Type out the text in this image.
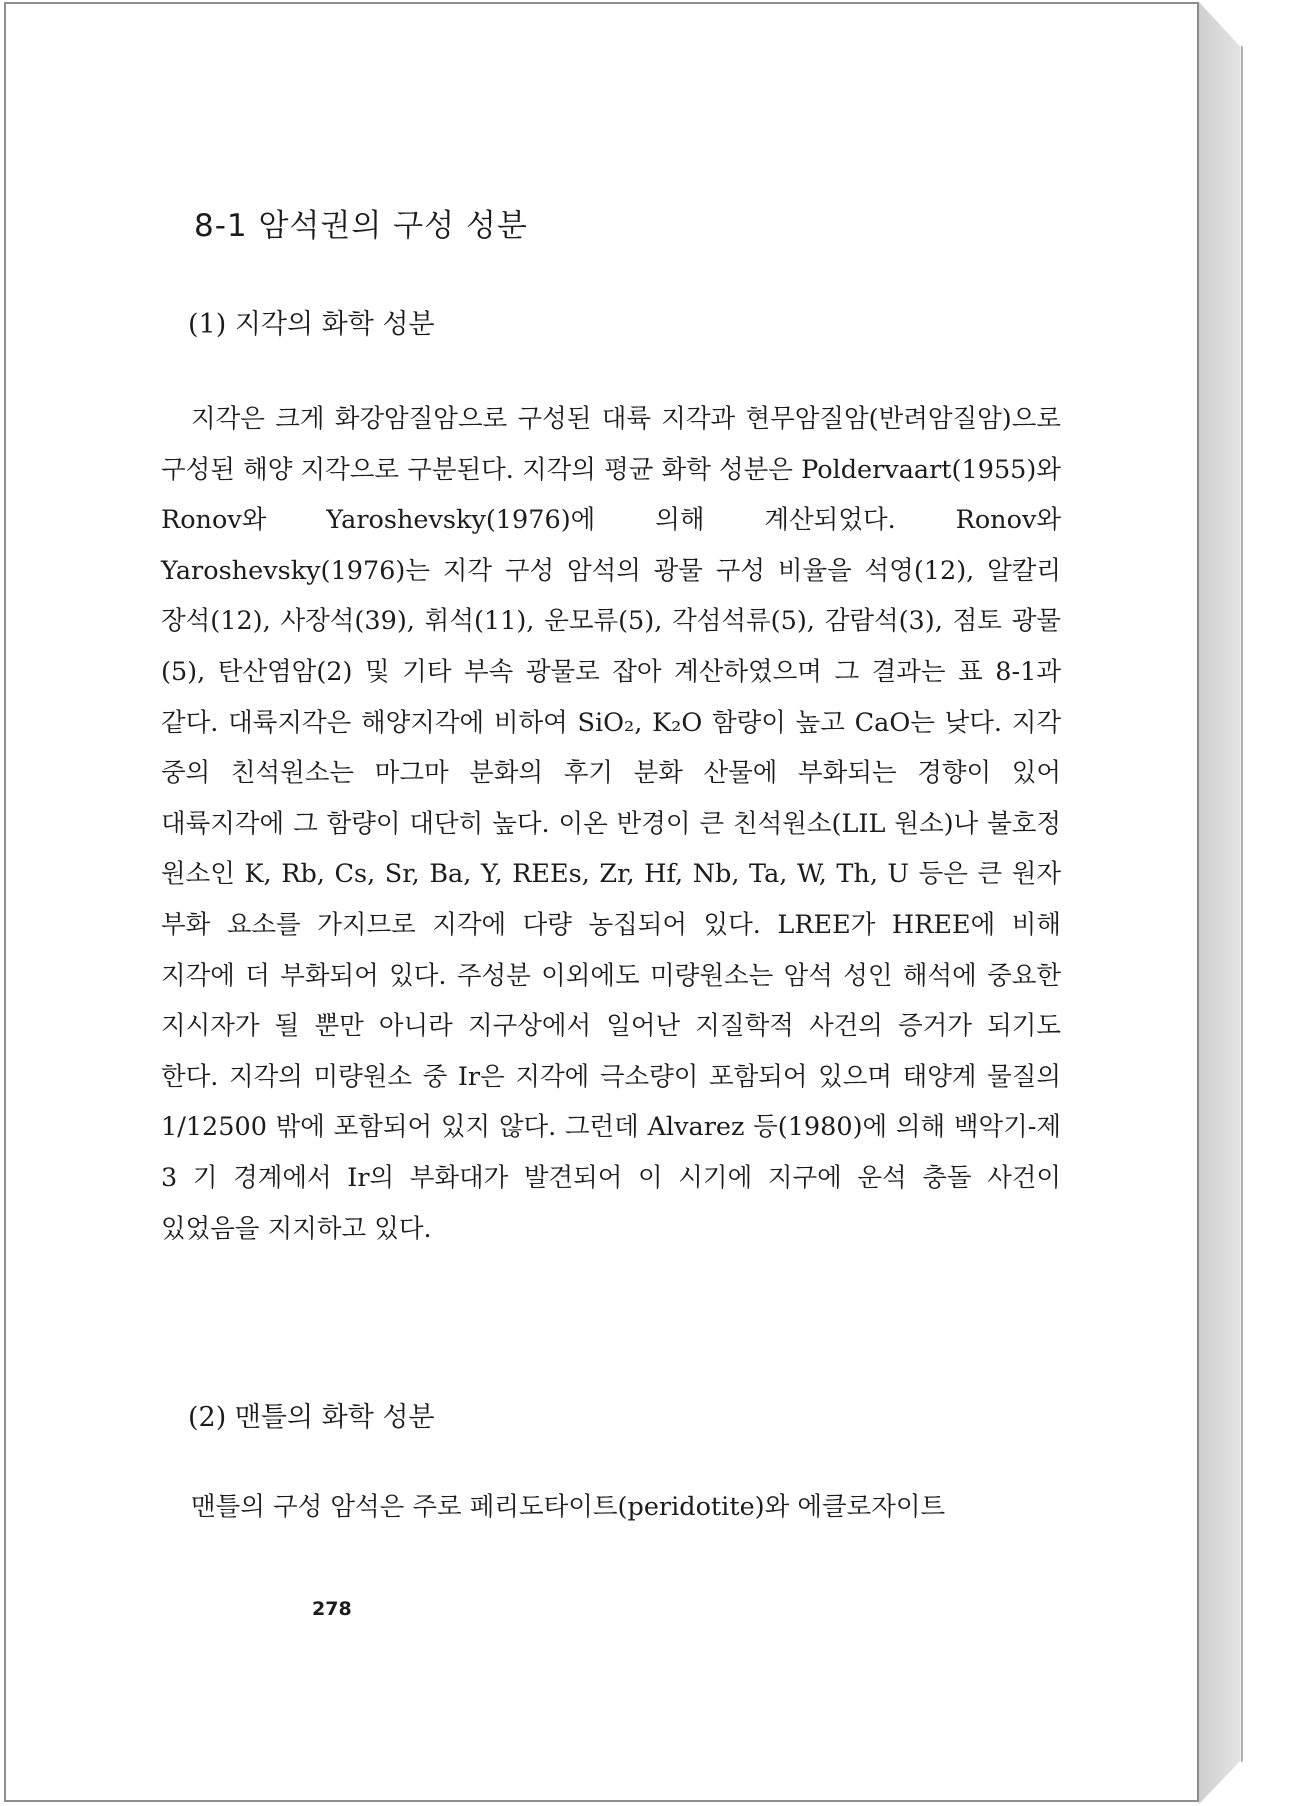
8-1 암석권의 구성 성분
(1) 지각의 화학 성분

지각은 크게 화강암질암으로 구성된 대륙 지각과 현무암질암(반려암질암)으로 구성된 해양 지각으로 구분된다. 지각의 평균 화학 성분은 Poldervaart(1955)와 Ronov와 Yaroshevsky(1976)에 의해 계산되었다. Ronov와 Yaroshevsky(1976)는 지각 구성 암석의 광물 구성 비율을 석영(12), 알칼리 장석(12), 사장석(39), 휘석(11), 운모류(5), 각섬석류(5), 감람석(3), 점토 광물(5), 탄산염암(2) 및 기타 부속 광물로 잡아 계산하였으며 그 결과는 표 8-1과 같다. 대륙지각은 해양지각에 비하여 SiO₂, K₂O 함량이 높고 CaO는 낮다. 지각 중의 친석원소는 마그마 분화의 후기 분화 산물에 부화되는 경향이 있어 대륙지각에 그 함량이 대단히 높다. 이온 반경이 큰 친석원소(LIL 원소)나 불호정 원소인 K, Rb, Cs, Sr, Ba, Y, REEs, Zr, Hf, Nb, Ta, W, Th, U 등은 큰 원자 부화 요소를 가지므로 지각에 다량 농집되어 있다. LREE가 HREE에 비해 지각에 더 부화되어 있다. 주성분 이외에도 미량원소는 암석 성인 해석에 중요한 지시자가 될 뿐만 아니라 지구상에서 일어난 지질학적 사건의 증거가 되기도 한다. 지각의 미량원소 중 Ir은 지각에 극소량이 포함되어 있으며 태양계 물질의 1/12500 밖에 포함되어 있지 않다. 그런데 Alvarez 등(1980)에 의해 백악기-제 3 기 경계에서 Ir의 부화대가 발견되어 이 시기에 지구에 운석 충돌 사건이 있었음을 지지하고 있다.

(2) 맨틀의 화학 성분

맨틀의 구성 암석은 주로 페리도타이트(peridotite)와 에클로자이트

278
